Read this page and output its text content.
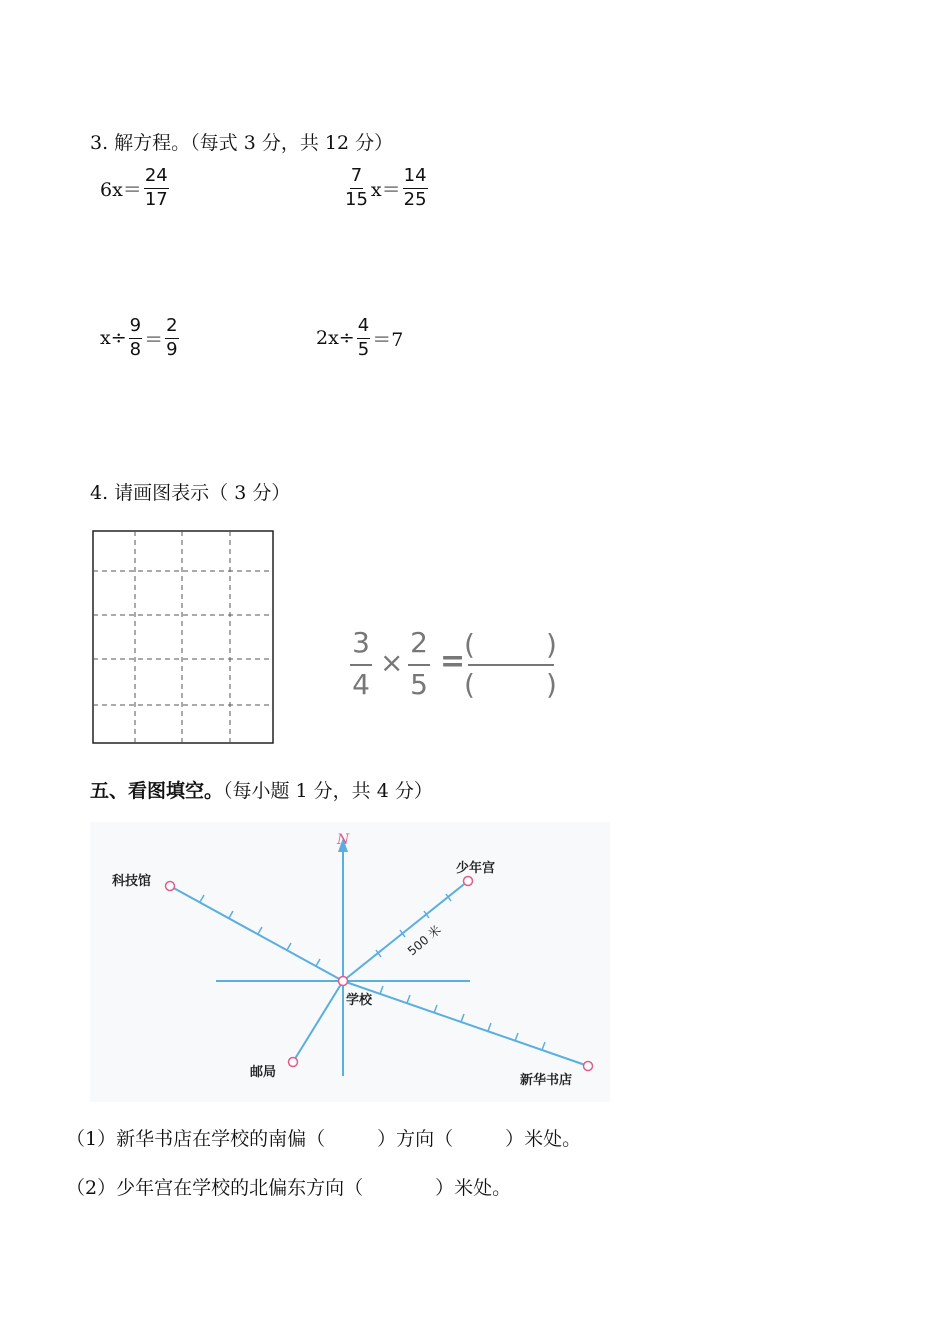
3. 解方程。（每式 3 分，共 12 分）
$6x= \frac{24}{17}$	$\frac{7}{15} x= \frac{14}{25}$
$x\div \frac{9}{8} = \frac{2}{9}$	$2x\div \frac{4}{5} =7$
4. 请画图表示（ 3 分）
3
4
×
2
5
=
(	)
(	)
五、看图填空。（每小题 1 分，共 4 分）
N
学校
科技馆
少年宫
邮局
新华书店
500 米
（1）新华书店在学校的南偏（	）方向（	）米处。
（2）少年宫在学校的北偏东方向（	）米处。
